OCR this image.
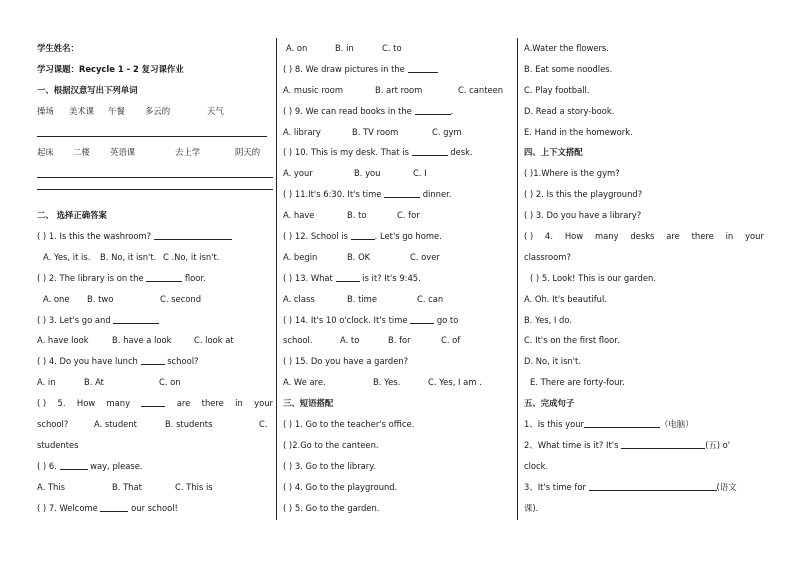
学生姓名：
学习课题：Recycle 1 - 2 复习课作业
一、根据汉意写出下列单词
操场 美术课 午餐 多云的	天气
起床 二楼 英语课	去上学	阴天的
二、 选择正确答案
( ) 1. Is this the washroom?
A. Yes, it is. B. No, it isn't. C .No, it isn't.
( ) 2. The library is on the	floor.
A. one B. two	C. second
( ) 3. Let's go and
A. have look	B. have a look	C. look at
( ) 4. Do you have lunch	school?
A. in	B. At	C. on
( ) 5. How many	are there in your
school?	A. student	B. students	C.
studentes
( ) 6.	way, please.
A. This	B. That	C. This is
( ) 7. Welcome	our school!
A. on	B. in	C. to
( ) 8. We draw pictures in the
A. music room	B. art room	C. canteen
( ) 9. We can read books in the	.
A. library	B. TV room	C. gym
( ) 10. This is my desk. That is	desk.
A. your	B. you	C. I
( ) 11.It's 6:30. It's time	dinner.
A. have	B. to	C. for
( ) 12. School is	. Let's go home.
A. begin	B. OK	C. over
( ) 13. What	is it? It's 9:45.
A. class	B. time	C. can
( ) 14. It's 10 o'clock. It's time	go to
school.	A. to	B. for	C. of
( ) 15. Do you have a garden?
A. We are.	B. Yes.	C. Yes, I am .
三、短语搭配
( ) 1. Go to the teacher's office.
( )2.Go to the canteen.
( ) 3. Go to the library.
( ) 4. Go to the playground.
( ) 5. Go to the garden.
A.Water the flowers.
B. Eat some noodles.
C. Play football.
D. Read a story-book.
E. Hand in the homework.
四、上下文搭配
( )1.Where is the gym?
( ) 2. Is this the playground?
( ) 3. Do you have a library?
( ) 4. How many desks are there in your
classroom?
( ) 5. Look! This is our garden.
A. Oh. It's beautiful.
B. Yes, I do.
C. It's on the first floor.
D. No, it isn't.
E. There are forty-four.
五、完成句子
1、Is this your	（电脑）
2、What time is it? It's	(五) o'
clock.
3、It's time for	(语文
课).
